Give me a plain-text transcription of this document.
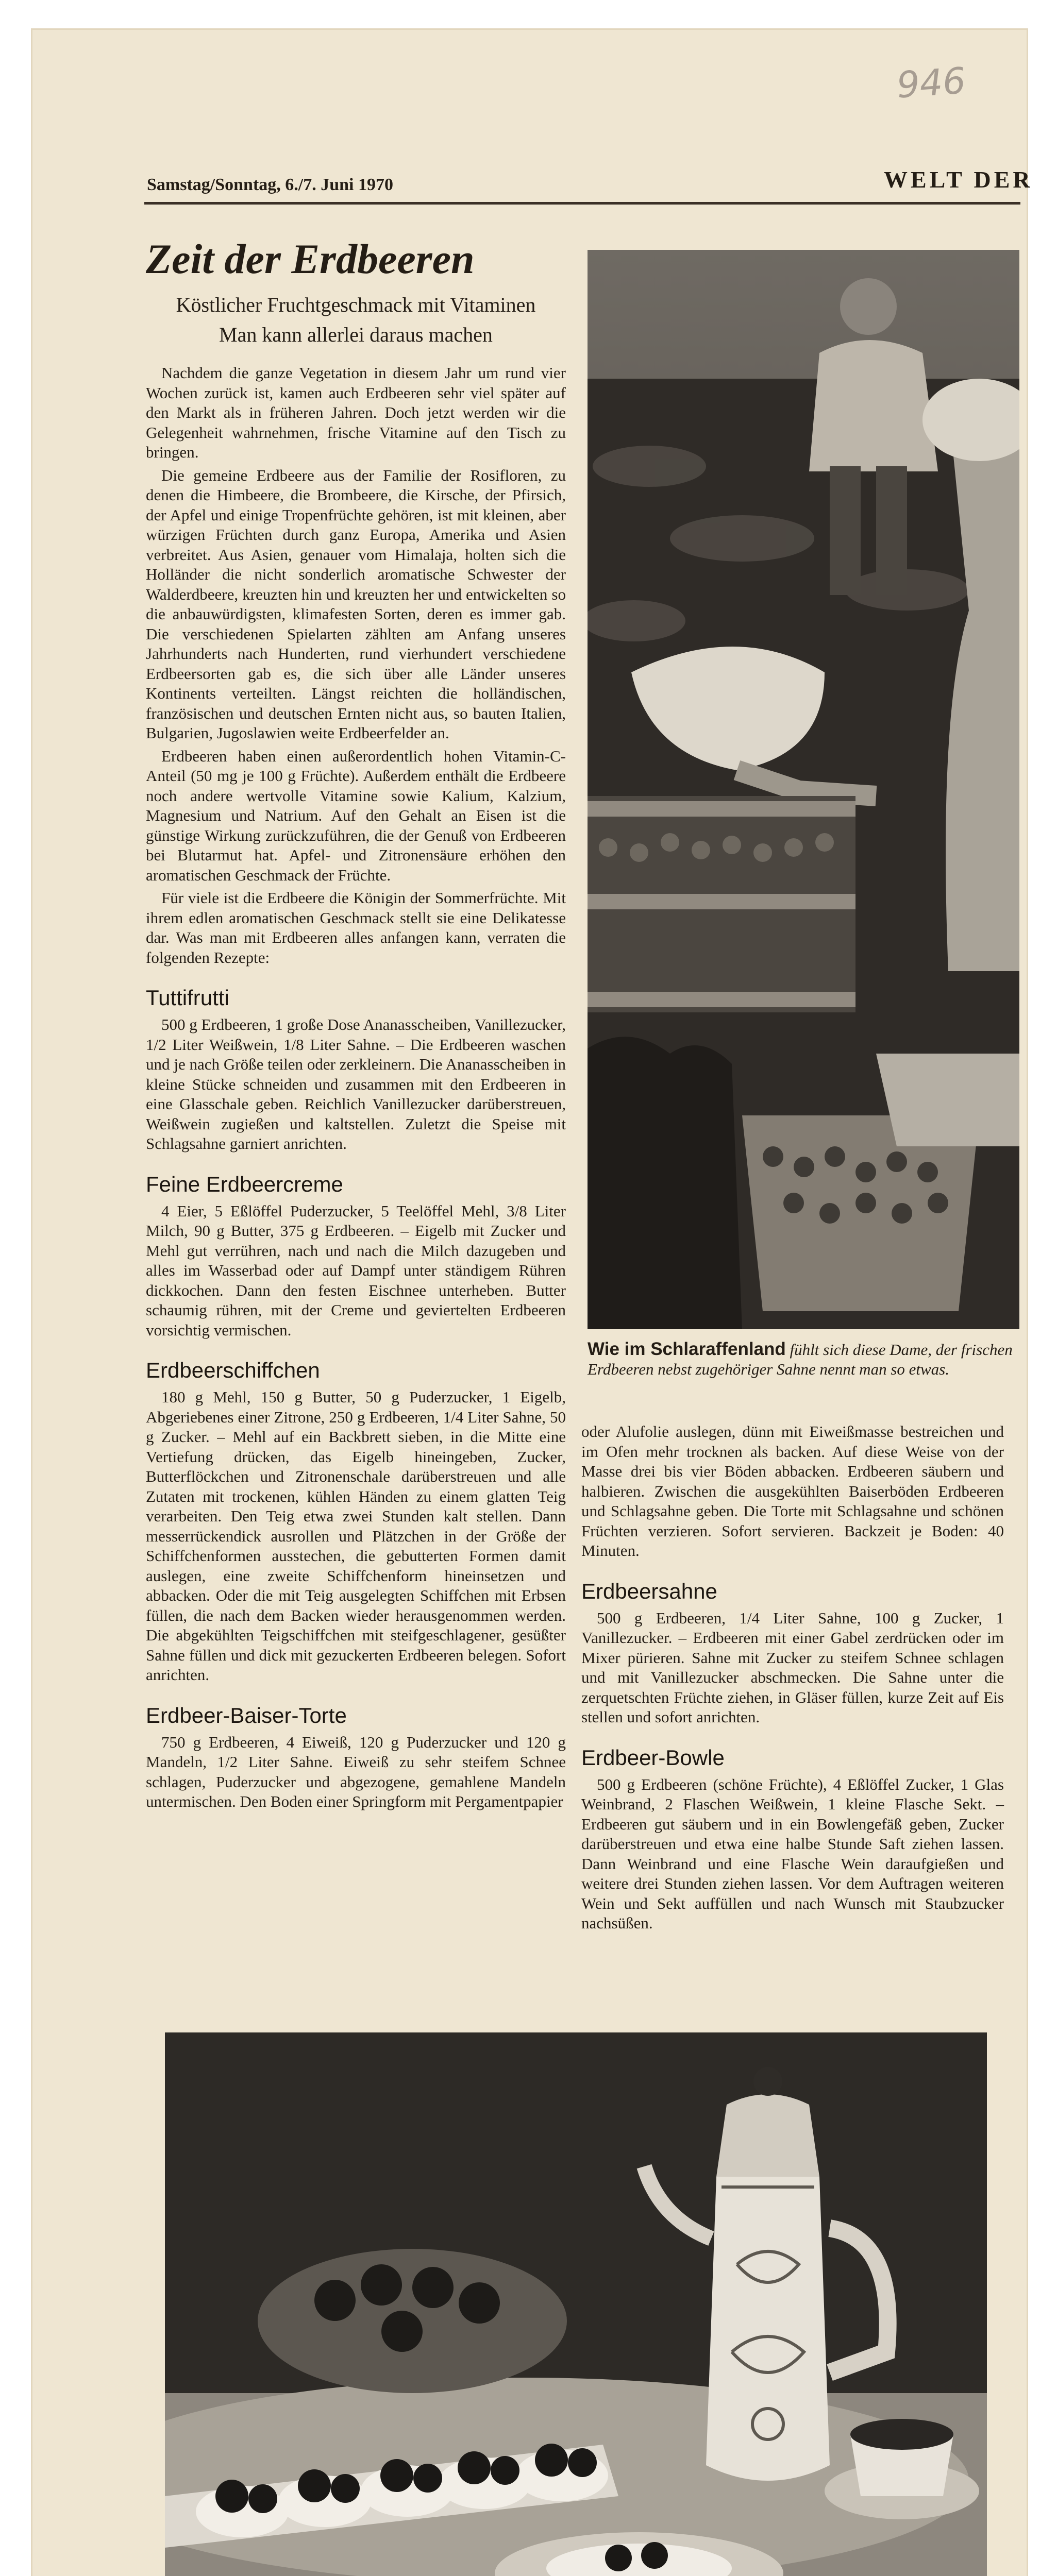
946
Samstag/Sonntag, 6./7. Juni 1970	WELT DER
Zeit der Erdbeeren
Köstlicher Fruchtgeschmack mit Vitaminen
Man kann allerlei daraus machen

Nachdem die ganze Vegetation in diesem Jahr um rund vier Wochen zurück ist, kamen auch Erdbeeren sehr viel später auf den Markt als in früheren Jahren. Doch jetzt werden wir die Gelegenheit wahrnehmen, frische Vitamine auf den Tisch zu bringen.

Die gemeine Erdbeere aus der Familie der Rosifloren, zu denen die Himbeere, die Brombeere, die Kirsche, der Pfirsich, der Apfel und einige Tropenfrüchte gehören, ist mit kleinen, aber würzigen Früchten durch ganz Europa, Amerika und Asien verbreitet. Aus Asien, genauer vom Himalaja, holten sich die Holländer die nicht sonderlich aromatische Schwester der Walderdbeere, kreuzten hin und kreuzten her und entwickelten so die anbauwürdigsten, klimafesten Sorten, deren es immer gab. Die verschiedenen Spielarten zählten am Anfang unseres Jahrhunderts nach Hunderten, rund vierhundert verschiedene Erdbeersorten gab es, die sich über alle Länder unseres Kontinents verteilten. Längst reichten die holländischen, französischen und deutschen Ernten nicht aus, so bauten Italien, Bulgarien, Jugoslawien weite Erdbeerfelder an.

Erdbeeren haben einen außerordentlich hohen Vitamin-C-Anteil (50 mg je 100 g Früchte). Außerdem enthält die Erdbeere noch andere wertvolle Vitamine sowie Kalium, Kalzium, Magnesium und Natrium. Auf den Gehalt an Eisen ist die günstige Wirkung zurückzuführen, die der Genuß von Erdbeeren bei Blutarmut hat. Apfel- und Zitronensäure erhöhen den aromatischen Geschmack der Früchte.

Für viele ist die Erdbeere die Königin der Sommerfrüchte. Mit ihrem edlen aromatischen Geschmack stellt sie eine Delikatesse dar. Was man mit Erdbeeren alles anfangen kann, verraten die folgenden Rezepte:

Tuttifrutti

500 g Erdbeeren, 1 große Dose Ananasscheiben, Vanillezucker, 1/2 Liter Weißwein, 1/8 Liter Sahne. – Die Erdbeeren waschen und je nach Größe teilen oder zerkleinern. Die Ananasscheiben in kleine Stücke schneiden und zusammen mit den Erdbeeren in eine Glasschale geben. Reichlich Vanillezucker darüberstreuen, Weißwein zugießen und kaltstellen. Zuletzt die Speise mit Schlagsahne garniert anrichten.

Feine Erdbeercreme

4 Eier, 5 Eßlöffel Puderzucker, 5 Teelöffel Mehl, 3/8 Liter Milch, 90 g Butter, 375 g Erdbeeren. – Eigelb mit Zucker und Mehl gut verrühren, nach und nach die Milch dazugeben und alles im Wasserbad oder auf Dampf unter ständigem Rühren dickkochen. Dann den festen Eischnee unterheben. Butter schaumig rühren, mit der Creme und geviertelten Erdbeeren vorsichtig vermischen.

Erdbeerschiffchen

180 g Mehl, 150 g Butter, 50 g Puderzucker, 1 Eigelb, Abgeriebenes einer Zitrone, 250 g Erdbeeren, 1/4 Liter Sahne, 50 g Zucker. – Mehl auf ein Backbrett sieben, in die Mitte eine Vertiefung drücken, das Eigelb hineingeben, Zucker, Butterflöckchen und Zitronenschale darüberstreuen und alle Zutaten mit trockenen, kühlen Händen zu einem glatten Teig verarbeiten. Den Teig etwa zwei Stunden kalt stellen. Dann messerrückendick ausrollen und Plätzchen in der Größe der Schiffchenformen ausstechen, die gebutterten Formen damit auslegen, eine zweite Schiffchenform hineinsetzen und abbacken. Oder die mit Teig ausgelegten Schiffchen mit Erbsen füllen, die nach dem Backen wieder herausgenommen werden. Die abgekühlten Teigschiffchen mit steifgeschlagener, gesüßter Sahne füllen und dick mit gezuckerten Erdbeeren belegen. Sofort anrichten.

Erdbeer-Baiser-Torte

750 g Erdbeeren, 4 Eiweiß, 120 g Puderzucker und 120 g Mandeln, 1/2 Liter Sahne. Eiweiß zu sehr steifem Schnee schlagen, Puderzucker und abgezogene, gemahlene Mandeln untermischen. Den Boden einer Springform mit Pergamentpapier

Wie im Schlaraffenland fühlt sich diese Dame, der frischen Erdbeeren nebst zugehöriger Sahne nennt man so etwas.

oder Alufolie auslegen, dünn mit Eiweißmasse bestreichen und im Ofen mehr trocknen als backen. Auf diese Weise von der Masse drei bis vier Böden abbacken. Erdbeeren säubern und halbieren. Zwischen die ausgekühlten Baiserböden Erdbeeren und Schlagsahne geben. Die Torte mit Schlagsahne und schönen Früchten verzieren. Sofort servieren. Backzeit je Boden: 40 Minuten.

Erdbeersahne

500 g Erdbeeren, 1/4 Liter Sahne, 100 g Zucker, 1 Vanillezucker. – Erdbeeren mit einer Gabel zerdrücken oder im Mixer pürieren. Sahne mit Zucker zu steifem Schnee schlagen und mit Vanillezucker abschmecken. Die Sahne unter die zerquetschten Früchte ziehen, in Gläser füllen, kurze Zeit auf Eis stellen und sofort anrichten.

Erdbeer-Bowle

500 g Erdbeeren (schöne Früchte), 4 Eßlöffel Zucker, 1 Glas Weinbrand, 2 Flaschen Weißwein, 1 kleine Flasche Sekt. – Erdbeeren gut säubern und in ein Bowlengefäß geben, Zucker darüberstreuen und etwa eine halbe Stunde Saft ziehen lassen. Dann Weinbrand und eine Flasche Wein daraufgießen und weitere drei Stunden ziehen lassen. Vor dem Auftragen weiteren Wein und Sekt auffüllen und nach Wunsch mit Staubzucker nachsüßen.
